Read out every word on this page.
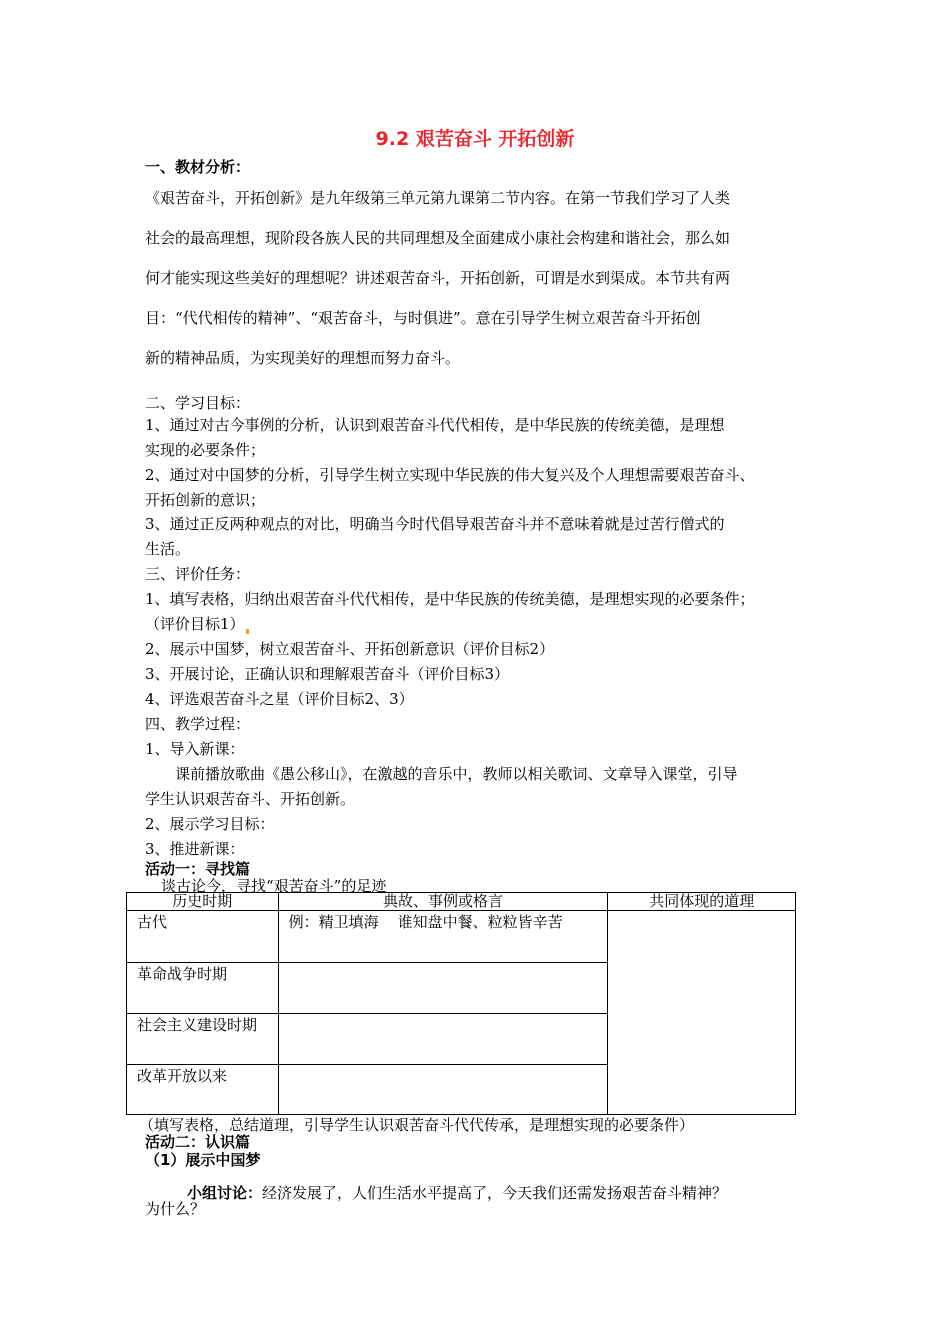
9.2 艰苦奋斗 开拓创新
一、教材分析：
《艰苦奋斗，开拓创新》是九年级第三单元第九课第二节内容。在第一节我们学习了人类
社会的最高理想，现阶段各族人民的共同理想及全面建成小康社会构建和谐社会，那么如
何才能实现这些美好的理想呢？讲述艰苦奋斗，开拓创新，可谓是水到渠成。本节共有两
目：“代代相传的精神”、“艰苦奋斗，与时俱进”。意在引导学生树立艰苦奋斗开拓创
新的精神品质，为实现美好的理想而努力奋斗。
二、学习目标：
1、通过对古今事例的分析，认识到艰苦奋斗代代相传，是中华民族的传统美德，是理想
实现的必要条件；
2、通过对中国梦的分析，引导学生树立实现中华民族的伟大复兴及个人理想需要艰苦奋斗、
开拓创新的意识；
3、通过正反两种观点的对比，明确当今时代倡导艰苦奋斗并不意味着就是过苦行僧式的
生活。
三、评价任务：
1、填写表格，归纳出艰苦奋斗代代相传，是中华民族的传统美德，是理想实现的必要条件；
（评价目标1）
2、展示中国梦，树立艰苦奋斗、开拓创新意识（评价目标2）
3、开展讨论，正确认识和理解艰苦奋斗（评价目标3）
4、评选艰苦奋斗之星（评价目标2、3）
四、教学过程：
1、导入新课：
课前播放歌曲《愚公移山》，在激越的音乐中，教师以相关歌词、文章导入课堂，引导
学生认识艰苦奋斗、开拓创新。
2、展示学习目标：
3、推进新课：
活动一：寻找篇
谈古论今，寻找“艰苦奋斗”的足迹
历史时期	典故、事例或格言	共同体现的道理
古代	例：精卫填海    谁知盘中餐、粒粒皆辛苦	
革命战争时期		
社会主义建设时期		
改革开放以来		
（填写表格，总结道理，引导学生认识艰苦奋斗代代传承，是理想实现的必要条件）
活动二：认识篇
（1）展示中国梦
小组讨论：经济发展了，人们生活水平提高了，今天我们还需发扬艰苦奋斗精神？
为什么？
